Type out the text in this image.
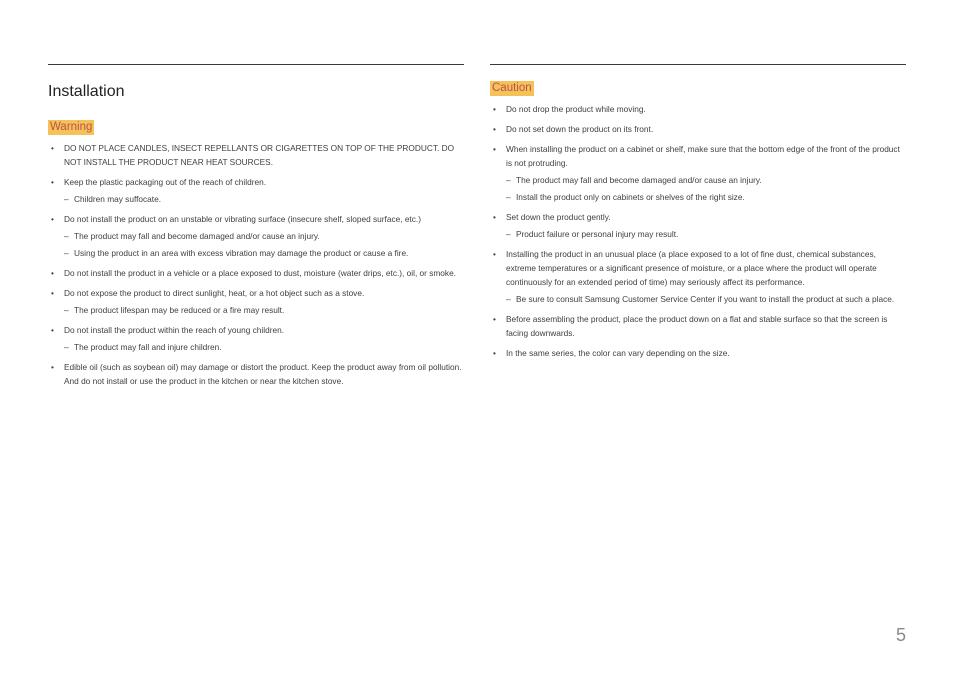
Installation
Warning
• DO NOT PLACE CANDLES, INSECT REPELLANTS OR CIGARETTES ON TOP OF THE PRODUCT. DO NOT INSTALL THE PRODUCT NEAR HEAT SOURCES.
• Keep the plastic packaging out of the reach of children.
– Children may suffocate.
• Do not install the product on an unstable or vibrating surface (insecure shelf, sloped surface, etc.)
– The product may fall and become damaged and/or cause an injury.
– Using the product in an area with excess vibration may damage the product or cause a fire.
• Do not install the product in a vehicle or a place exposed to dust, moisture (water drips, etc.), oil, or smoke.
• Do not expose the product to direct sunlight, heat, or a hot object such as a stove.
– The product lifespan may be reduced or a fire may result.
• Do not install the product within the reach of young children.
– The product may fall and injure children.
• Edible oil (such as soybean oil) may damage or distort the product. Keep the product away from oil pollution. And do not install or use the product in the kitchen or near the kitchen stove.
Caution
• Do not drop the product while moving.
• Do not set down the product on its front.
• When installing the product on a cabinet or shelf, make sure that the bottom edge of the front of the product is not protruding.
– The product may fall and become damaged and/or cause an injury.
– Install the product only on cabinets or shelves of the right size.
• Set down the product gently.
– Product failure or personal injury may result.
• Installing the product in an unusual place (a place exposed to a lot of fine dust, chemical substances, extreme temperatures or a significant presence of moisture, or a place where the product will operate continuously for an extended period of time) may seriously affect its performance.
– Be sure to consult Samsung Customer Service Center if you want to install the product at such a place.
• Before assembling the product, place the product down on a flat and stable surface so that the screen is facing downwards.
• In the same series, the color can vary depending on the size.
5
